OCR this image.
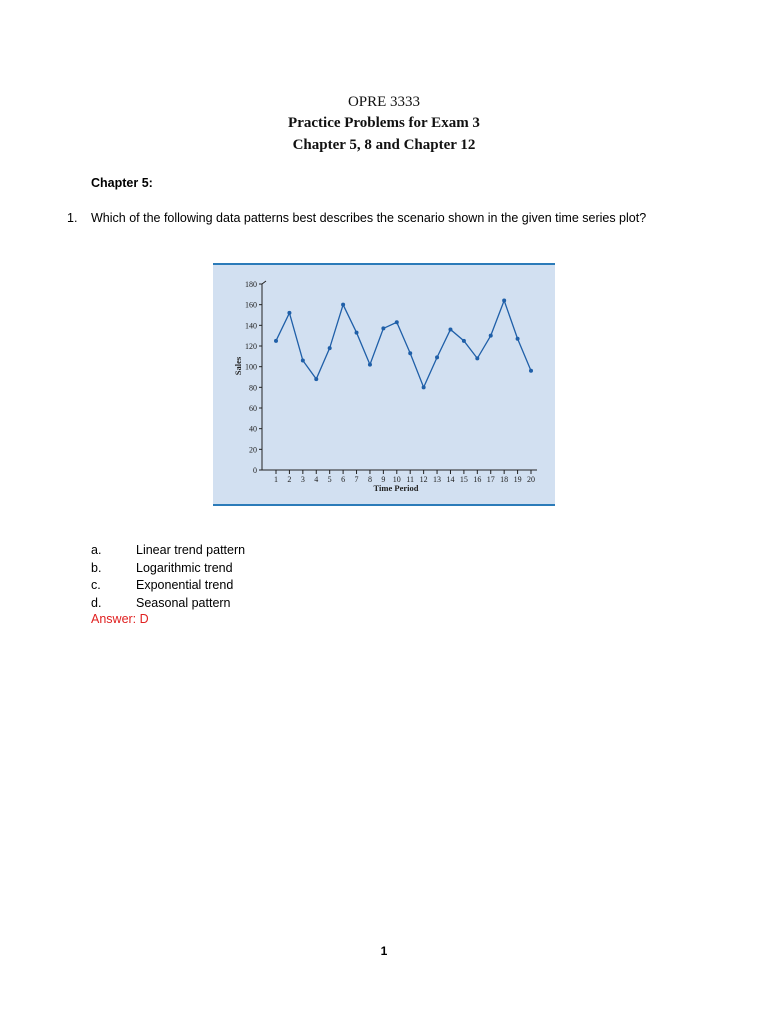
OPRE 3333
Practice Problems for Exam 3
Chapter 5, 8 and Chapter 12
Chapter 5:
1. Which of the following data patterns best describes the scenario shown in the given time series plot?
0
20
40
60
80
100
120
140
160
180
1 2 3 4 5 6 7 8 9 10 11 12 13 14 15 16 17 18 19 20
Sales
Time Period
a.	Linear trend pattern
b.	Logarithmic trend
c.	Exponential trend
d.	Seasonal pattern
Answer: D
1
